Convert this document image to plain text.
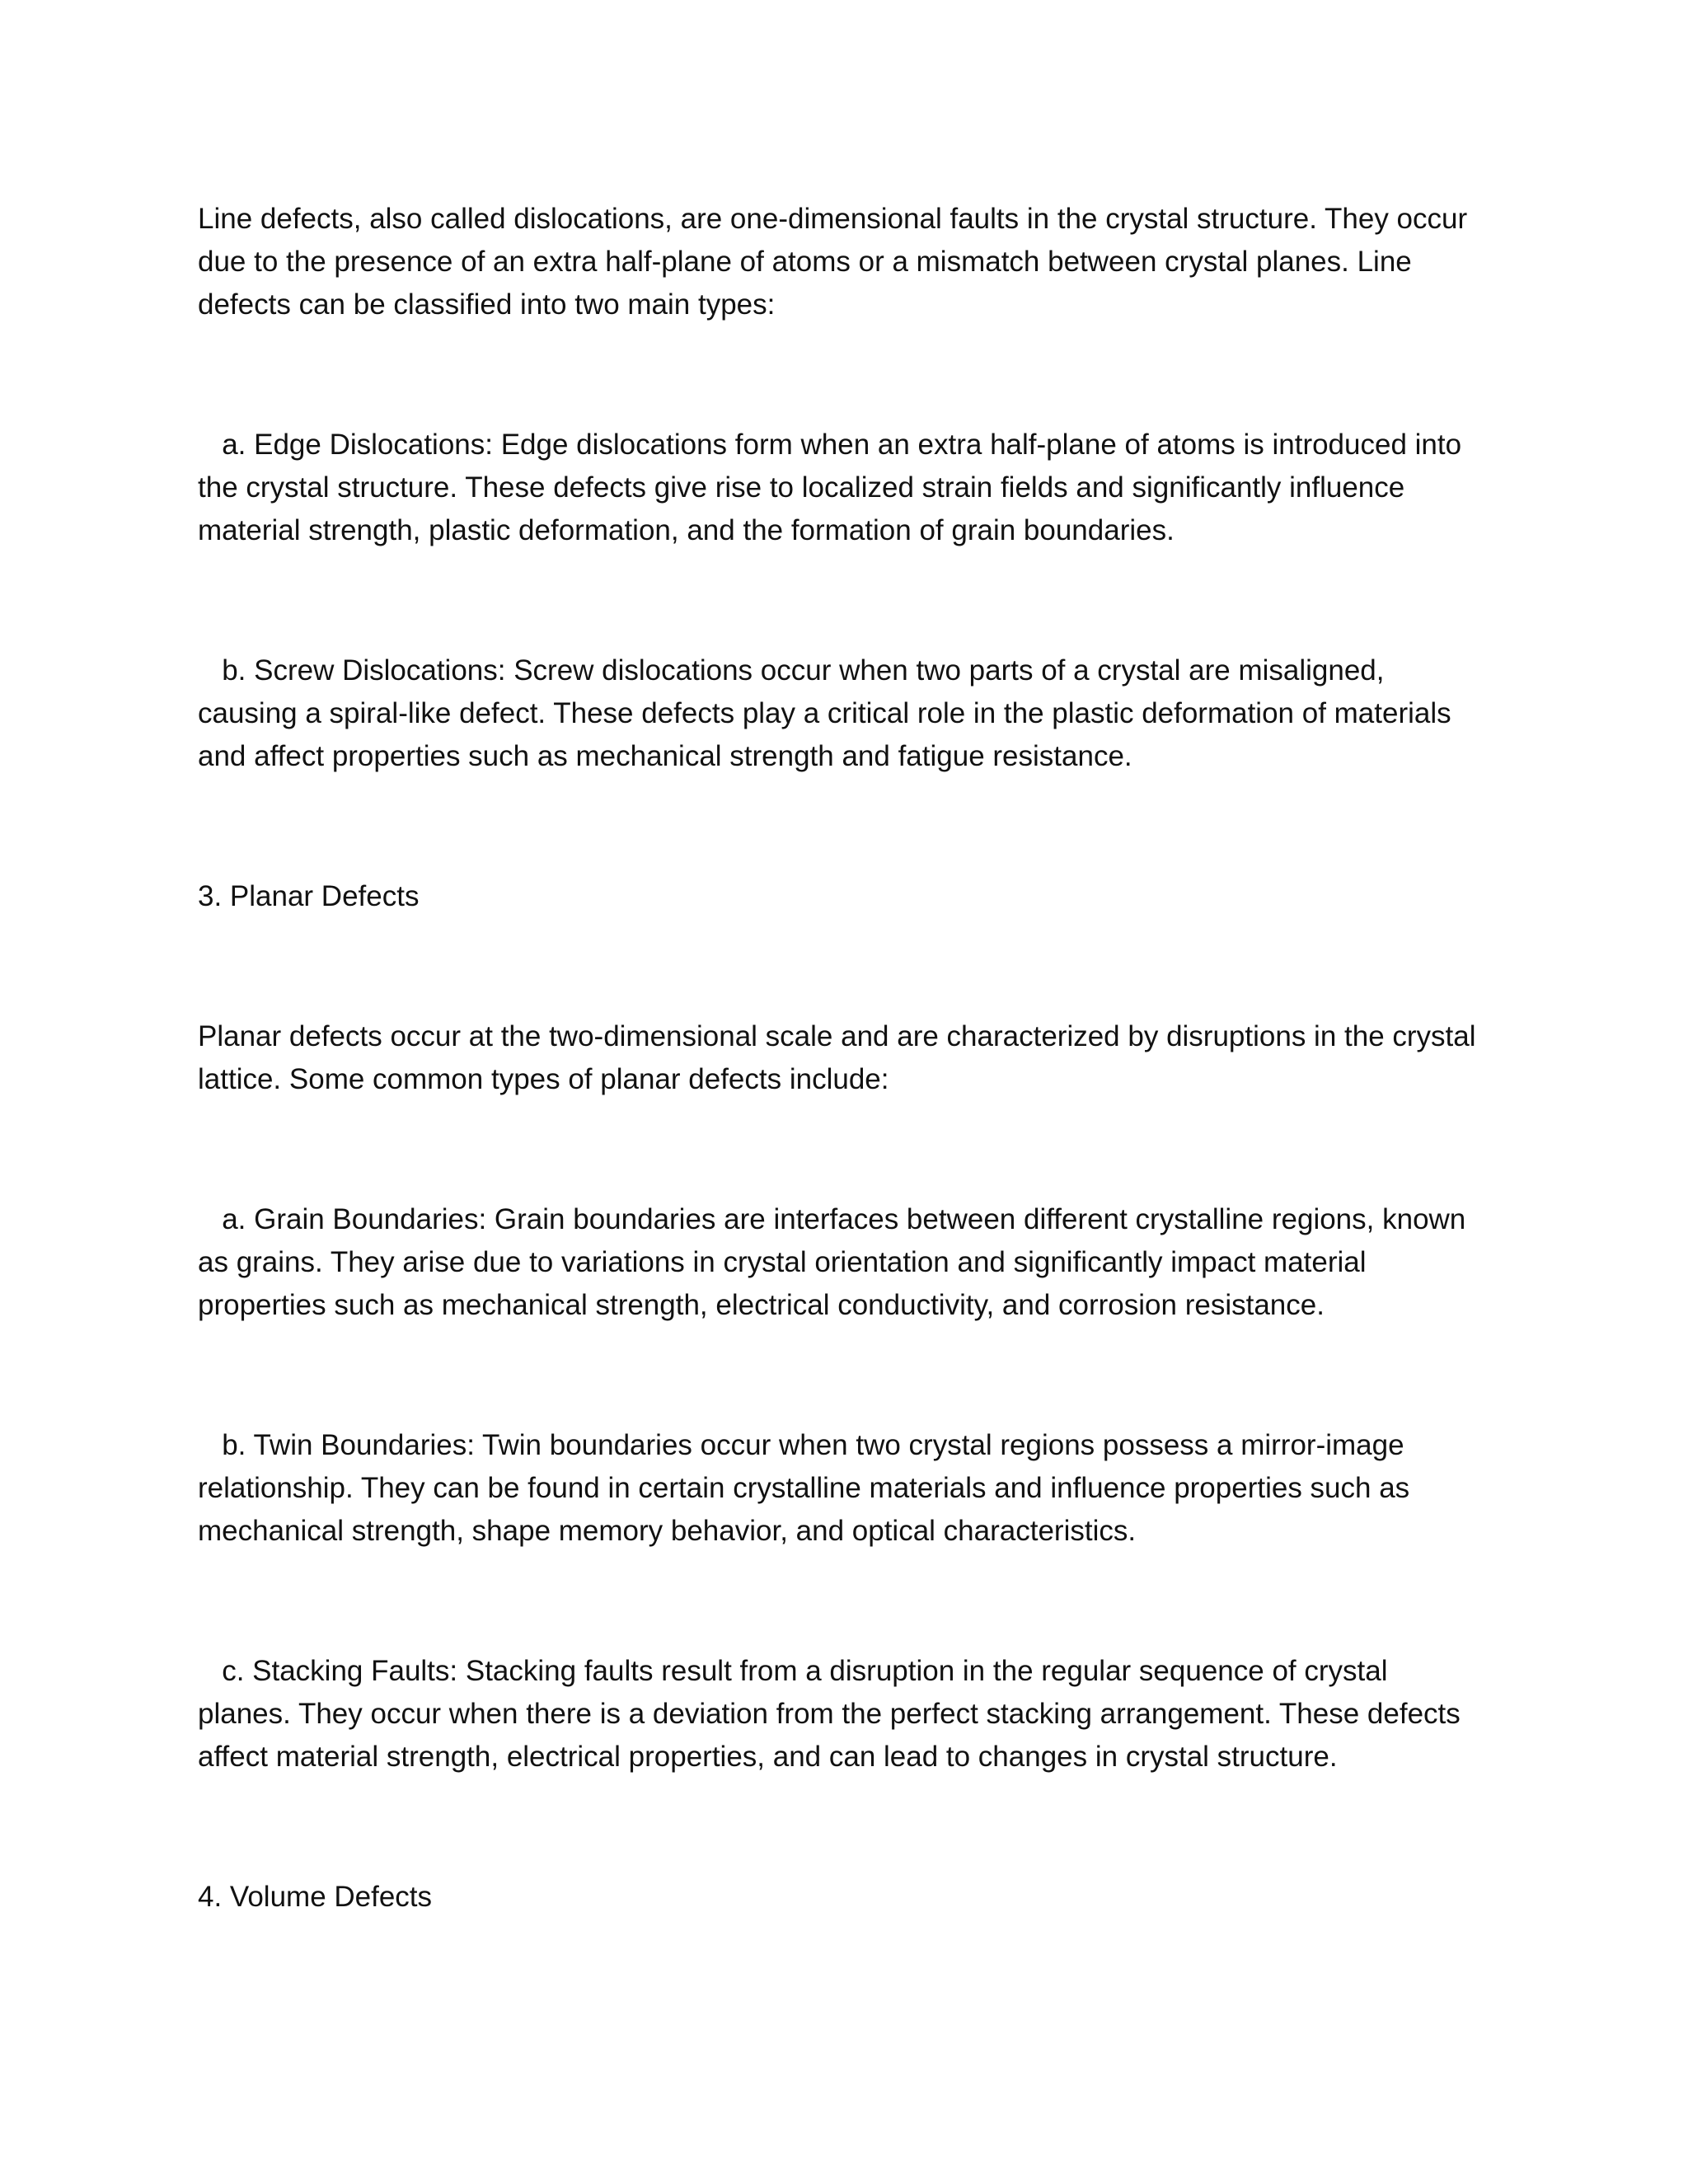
Line defects, also called dislocations, are one-dimensional faults in the crystal structure. They occur due to the presence of an extra half-plane of atoms or a mismatch between crystal planes. Line defects can be classified into two main types:

a. Edge Dislocations: Edge dislocations form when an extra half-plane of atoms is introduced into the crystal structure. These defects give rise to localized strain fields and significantly influence material strength, plastic deformation, and the formation of grain boundaries.

b. Screw Dislocations: Screw dislocations occur when two parts of a crystal are misaligned, causing a spiral-like defect. These defects play a critical role in the plastic deformation of materials and affect properties such as mechanical strength and fatigue resistance.

3. Planar Defects

Planar defects occur at the two-dimensional scale and are characterized by disruptions in the crystal lattice. Some common types of planar defects include:

a. Grain Boundaries: Grain boundaries are interfaces between different crystalline regions, known as grains. They arise due to variations in crystal orientation and significantly impact material properties such as mechanical strength, electrical conductivity, and corrosion resistance.

b. Twin Boundaries: Twin boundaries occur when two crystal regions possess a mirror-image relationship. They can be found in certain crystalline materials and influence properties such as mechanical strength, shape memory behavior, and optical characteristics.

c. Stacking Faults: Stacking faults result from a disruption in the regular sequence of crystal planes. They occur when there is a deviation from the perfect stacking arrangement. These defects affect material strength, electrical properties, and can lead to changes in crystal structure.

4. Volume Defects
